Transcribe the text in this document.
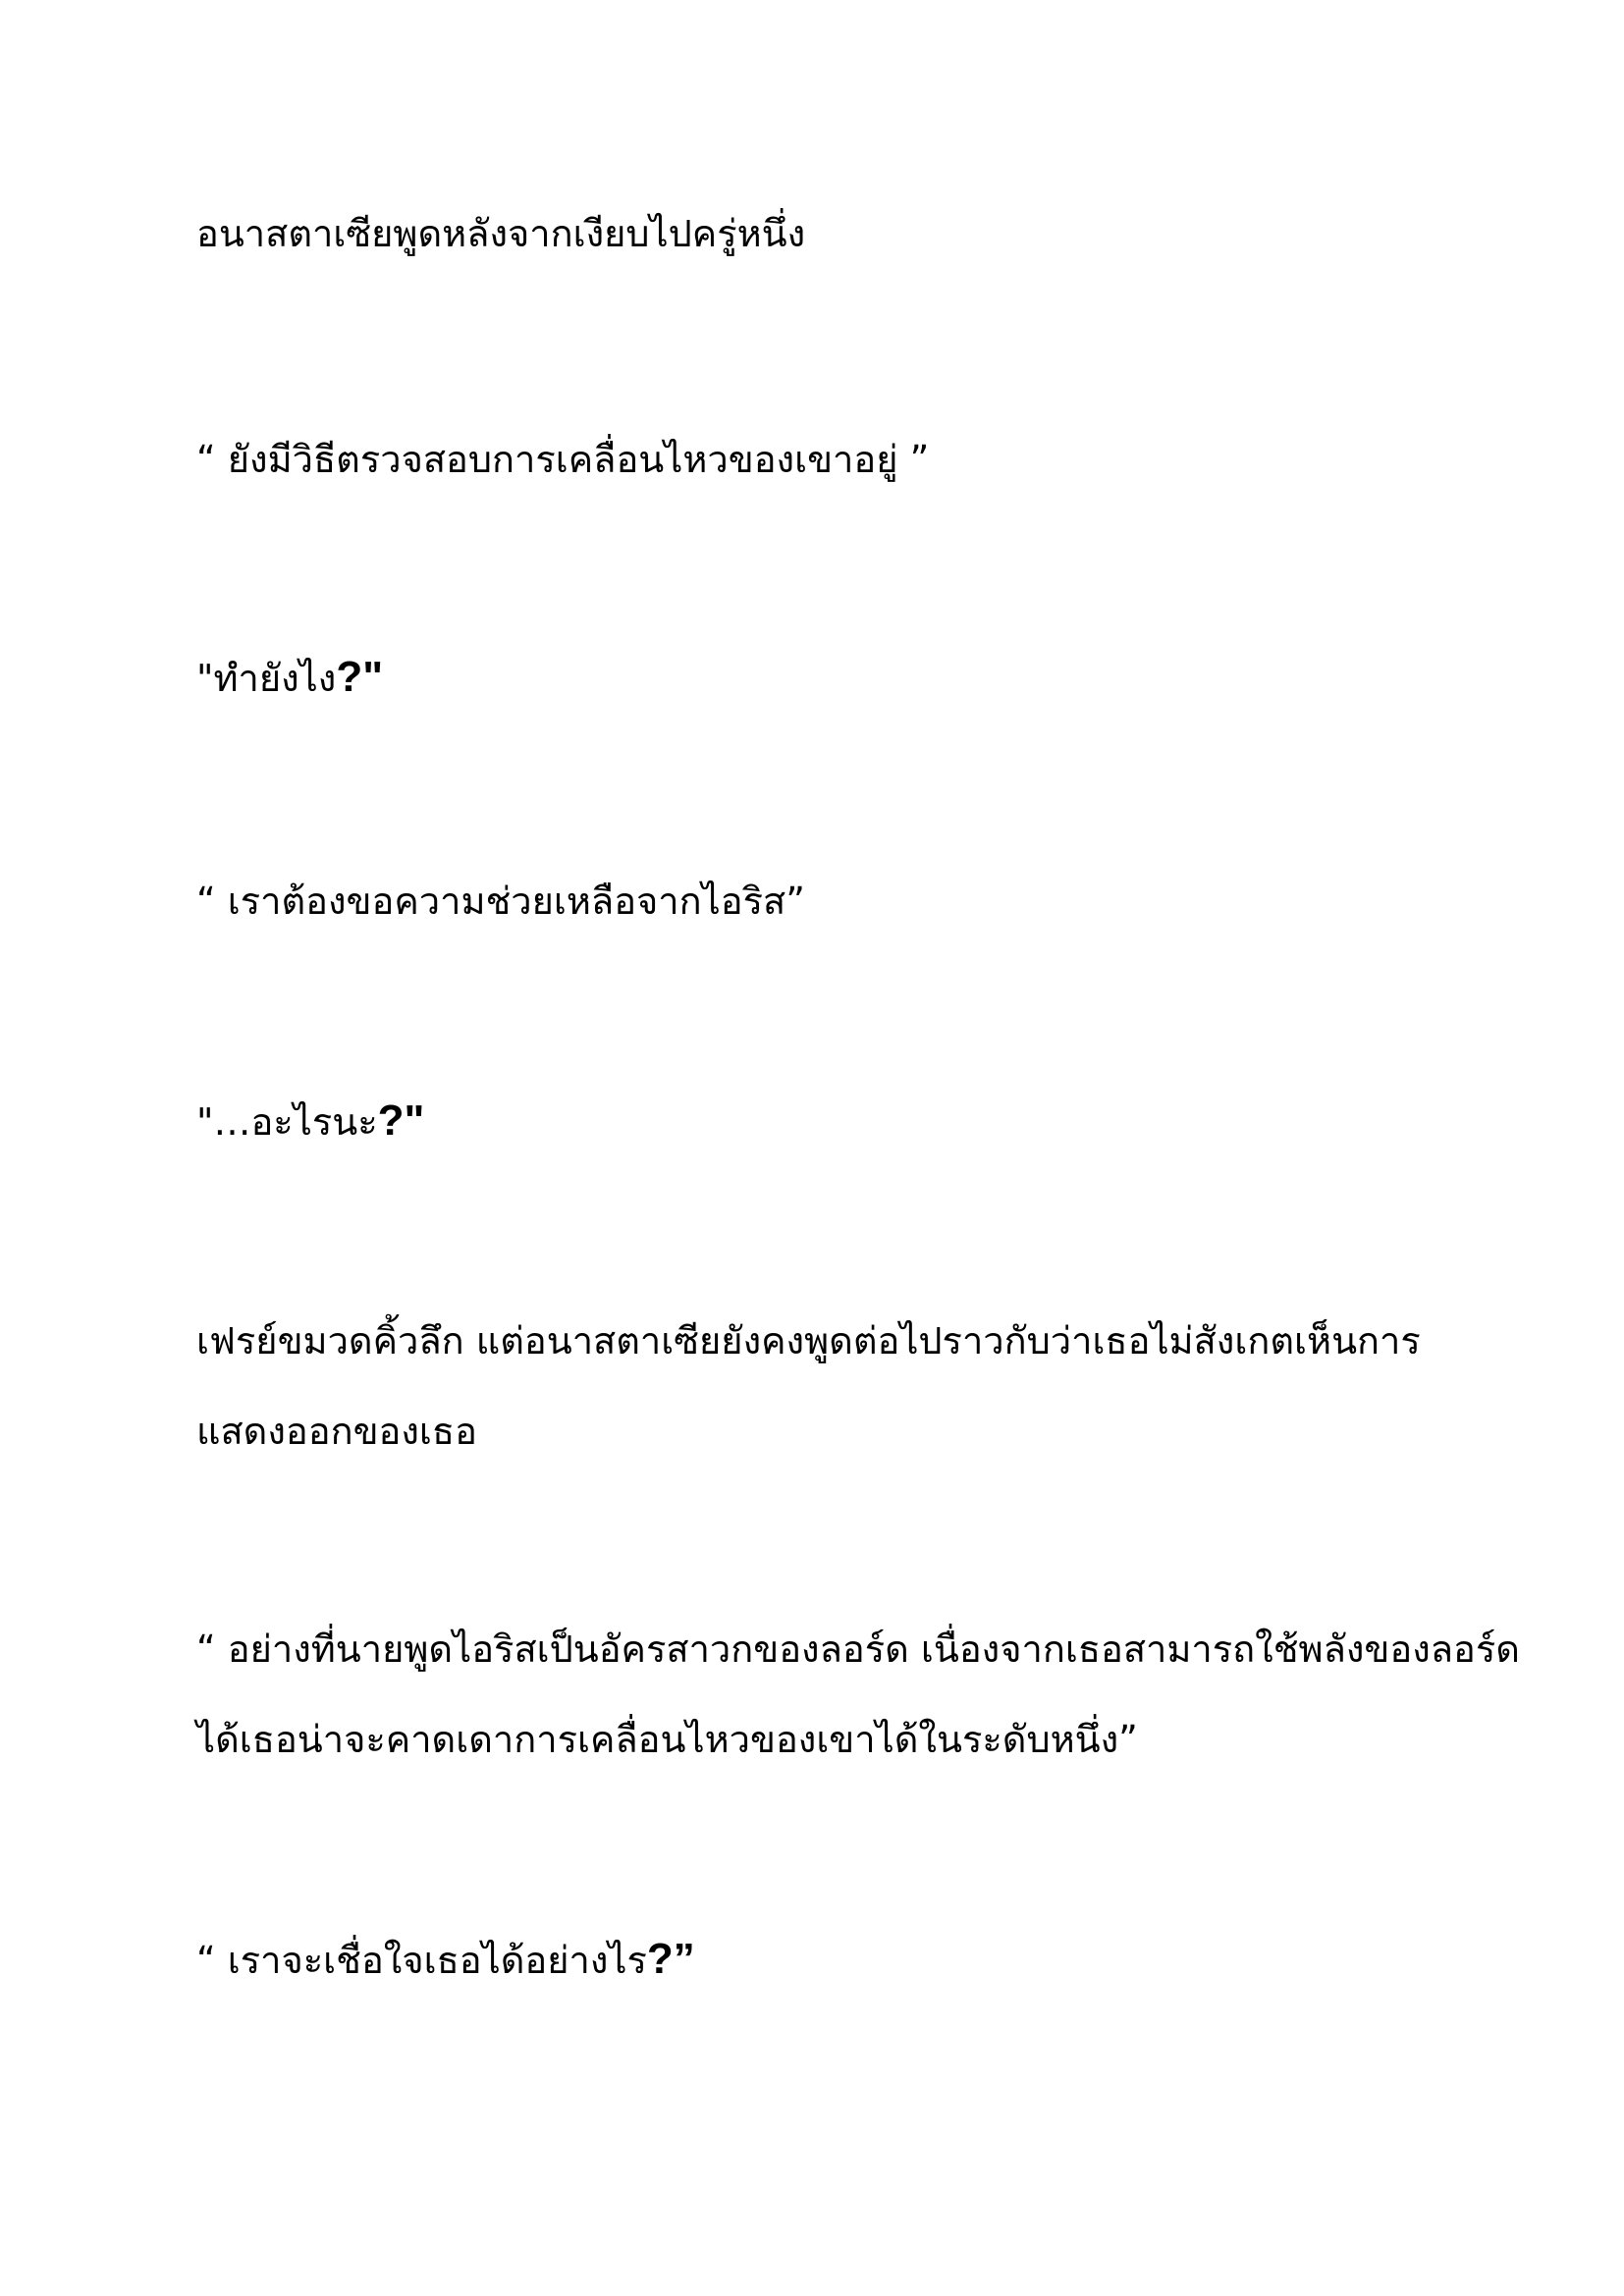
อนาสตาเซียพูดหลังจากเงียบไปครู่หนึ่ง
“ ยังมีวิธีตรวจสอบการเคลื่อนไหวของเขาอยู่ ”
"ทำยังไง?"
“ เราต้องขอความช่วยเหลือจากไอริส”
"…อะไรนะ?"
เฟรย์ขมวดคิ้วลึก แต่อนาสตาเซียยังคงพูดต่อไปราวกับว่าเธอไม่สังเกตเห็นการ
แสดงออกของเธอ
“ อย่างที่นายพูดไอริสเป็นอัครสาวกของลอร์ด เนื่องจากเธอสามารถใช้พลังของลอร์ด
ได้เธอน่าจะคาดเดาการเคลื่อนไหวของเขาได้ในระดับหนึ่ง”
“ เราจะเชื่อใจเธอได้อย่างไร?”
